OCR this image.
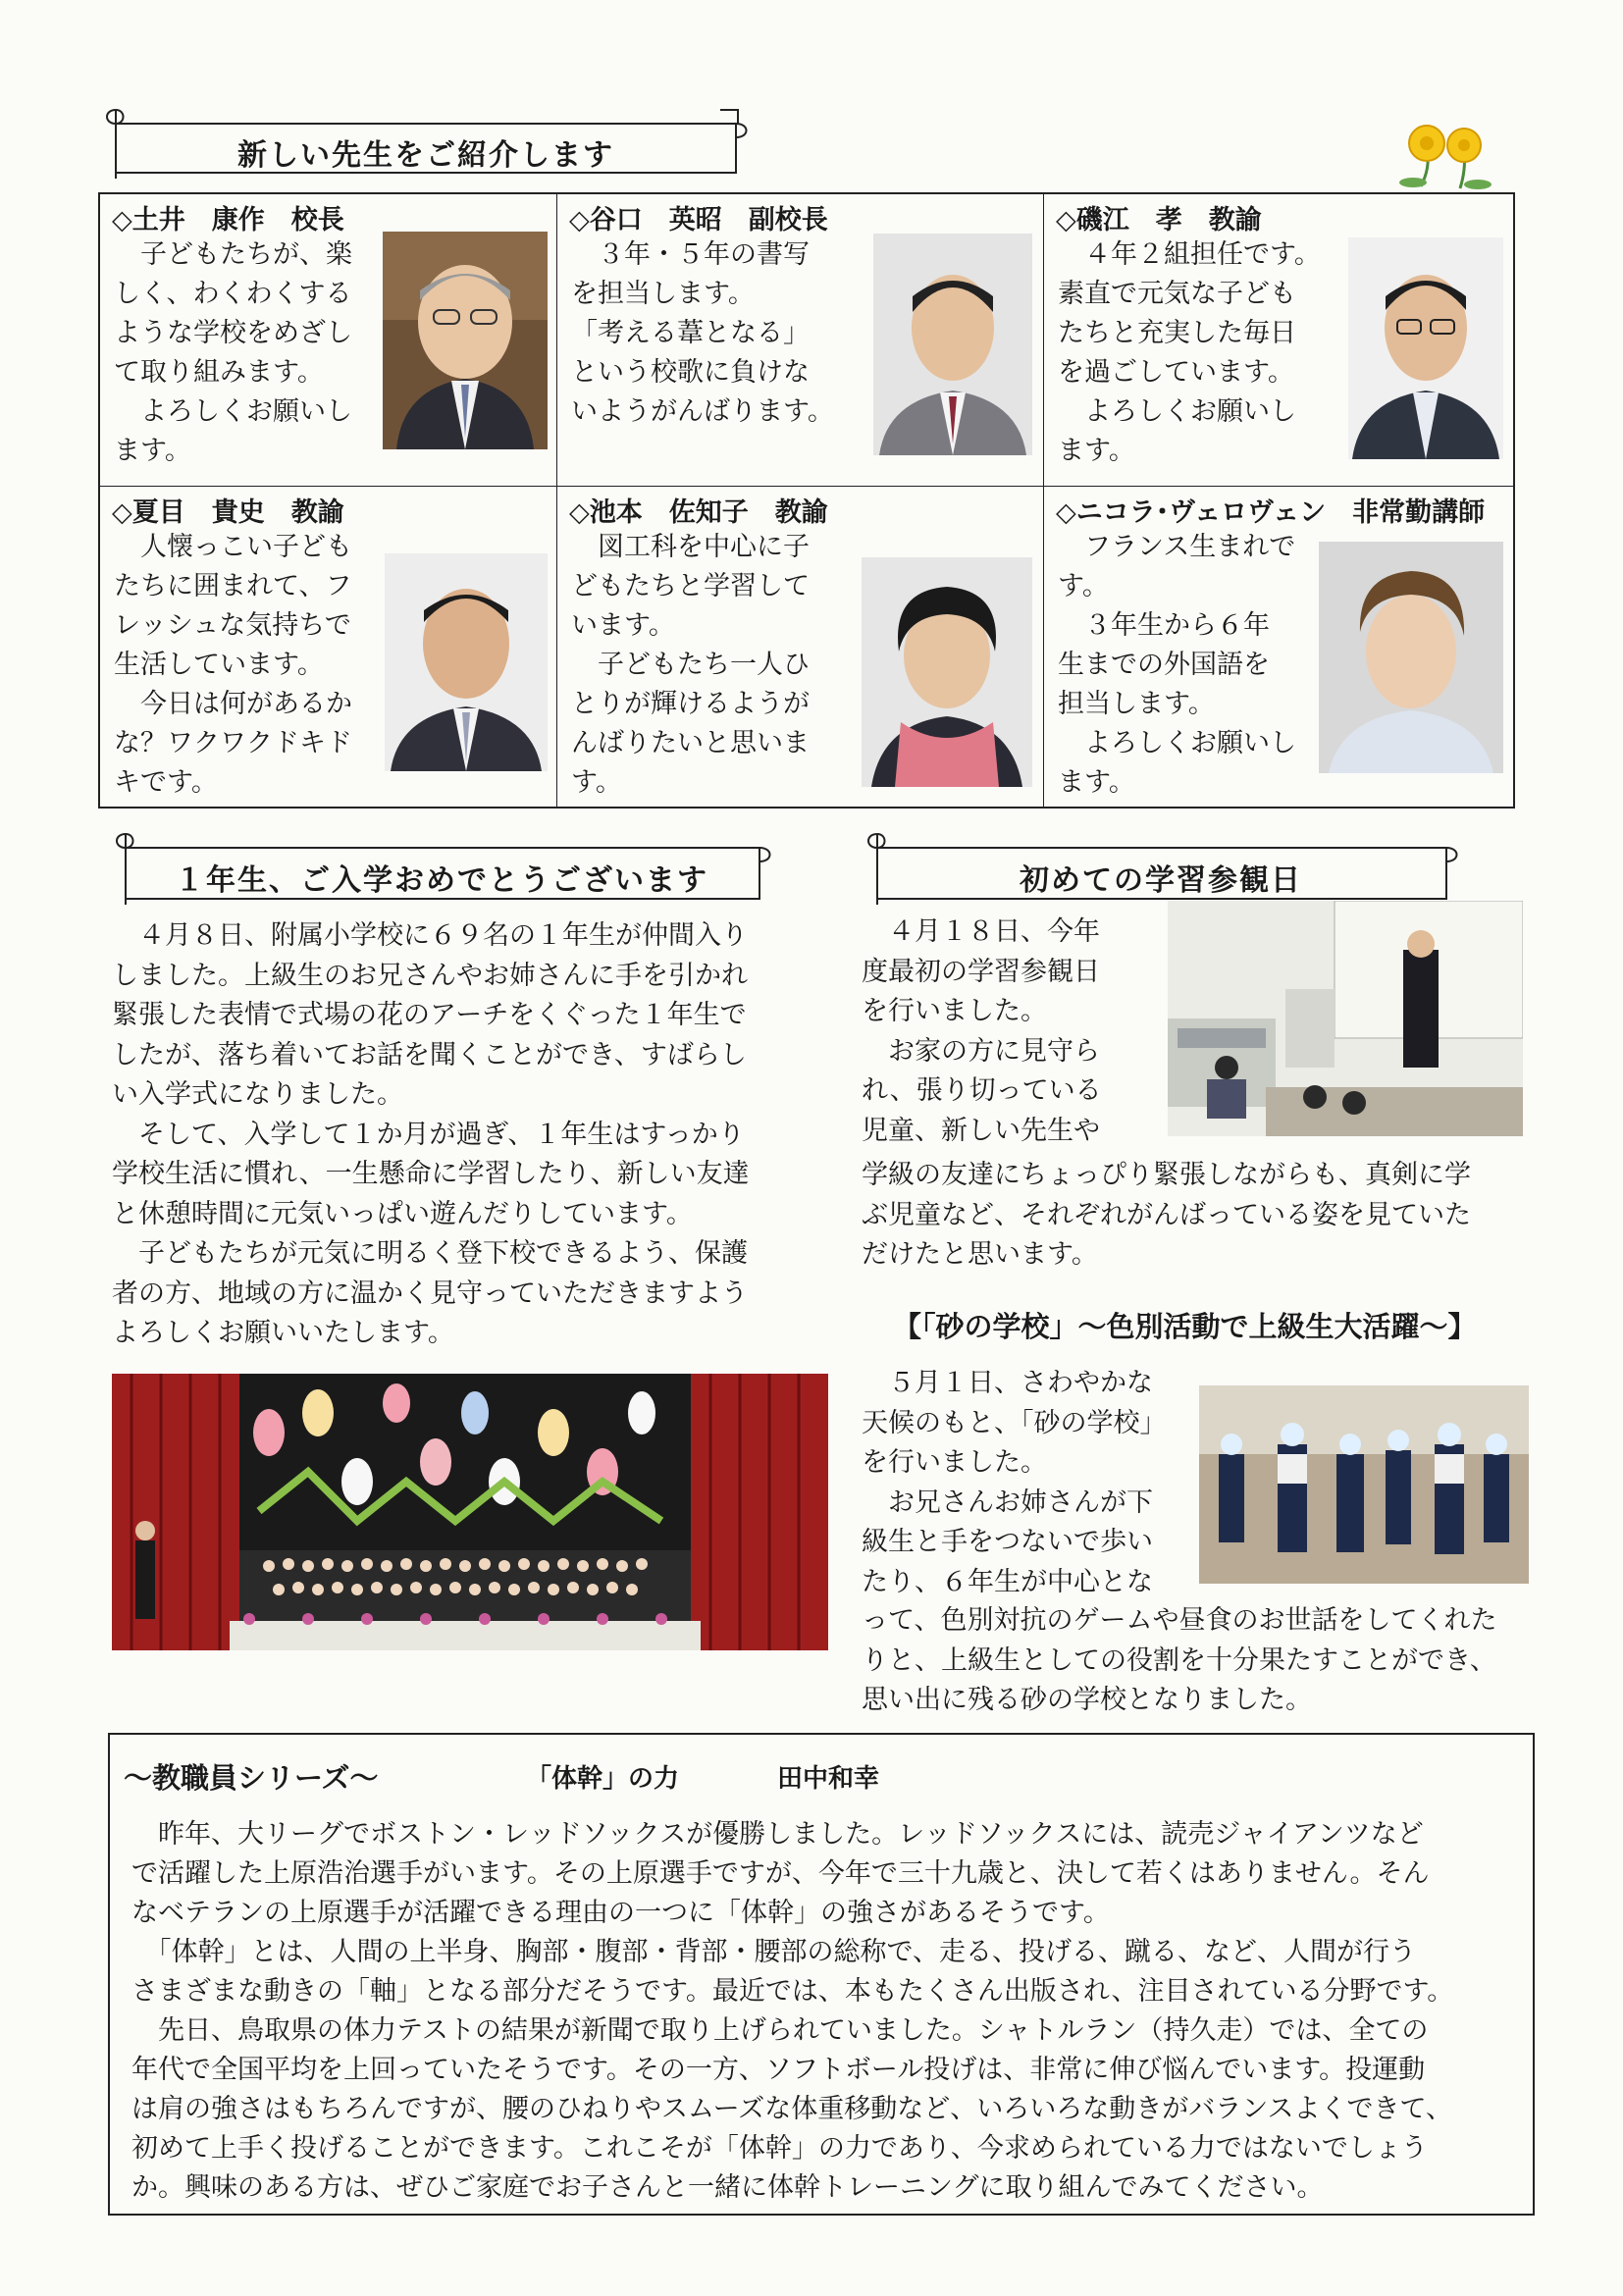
新しい先生をご紹介します
◇土井　康作　校長
　子どもたちが、楽
しく、わくわくする
ような学校をめざし
て取り組みます。
　よろしくお願いし
ます。
◇谷口　英昭　副校長
　３年・５年の書写
を担当します。
「考える葦となる」
という校歌に負けな
いようがんばります。
◇磯江　孝　教諭
　４年２組担任です。
素直で元気な子ども
たちと充実した毎日
を過ごしています。
　よろしくお願いし
ます。
◇夏目　貴史　教諭
　人懐っこい子ども
たちに囲まれて、フ
レッシュな気持ちで
生活しています。
　今日は何があるか
な？ワクワクドキド
キです。
◇池本　佐知子　教諭
　図工科を中心に子
どもたちと学習して
います。
　子どもたち一人ひ
とりが輝けるようが
んばりたいと思いま
す。
◇ニコラ･ヴェロヴェン　非常勤講師
　フランス生まれで
す。
　３年生から６年
生までの外国語を
担当します。
　よろしくお願いし
ます。
１年生、ご入学おめでとうございます
　４月８日、附属小学校に６９名の１年生が仲間入り
しました。上級生のお兄さんやお姉さんに手を引かれ
緊張した表情で式場の花のアーチをくぐった１年生で
したが、落ち着いてお話を聞くことができ、すばらし
い入学式になりました。
　そして、入学して１か月が過ぎ、１年生はすっかり
学校生活に慣れ、一生懸命に学習したり、新しい友達
と休憩時間に元気いっぱい遊んだりしています。
　子どもたちが元気に明るく登下校できるよう、保護
者の方、地域の方に温かく見守っていただきますよう
よろしくお願いいたします。
初めての学習参観日
　４月１８日、今年
度最初の学習参観日
を行いました。
　お家の方に見守ら
れ、張り切っている
児童、新しい先生や
学級の友達にちょっぴり緊張しながらも、真剣に学
ぶ児童など、それぞれがんばっている姿を見ていた
だけたと思います。
【「砂の学校」～色別活動で上級生大活躍～】
　５月１日、さわやかな
天候のもと、「砂の学校」
を行いました。
　お兄さんお姉さんが下
級生と手をつないで歩い
たり、６年生が中心とな
って、色別対抗のゲームや昼食のお世話をしてくれた
りと、上級生としての役割を十分果たすことができ、
思い出に残る砂の学校となりました。
～教職員シリーズ～	「体幹」の力	田中和幸
　昨年、大リーグでボストン・レッドソックスが優勝しました。レッドソックスには、読売ジャイアンツなど
で活躍した上原浩治選手がいます。その上原選手ですが、今年で三十九歳と、決して若くはありません。そん
なベテランの上原選手が活躍できる理由の一つに「体幹」の強さがあるそうです。
　「体幹」とは、人間の上半身、胸部・腹部・背部・腰部の総称で、走る、投げる、蹴る、など、人間が行う
さまざまな動きの「軸」となる部分だそうです。最近では、本もたくさん出版され、注目されている分野です。
　先日、鳥取県の体力テストの結果が新聞で取り上げられていました。シャトルラン（持久走）では、全ての
年代で全国平均を上回っていたそうです。その一方、ソフトボール投げは、非常に伸び悩んでいます。投運動
は肩の強さはもちろんですが、腰のひねりやスムーズな体重移動など、いろいろな動きがバランスよくできて、
初めて上手く投げることができます。これこそが「体幹」の力であり、今求められている力ではないでしょう
か。興味のある方は、ぜひご家庭でお子さんと一緒に体幹トレーニングに取り組んでみてください。
